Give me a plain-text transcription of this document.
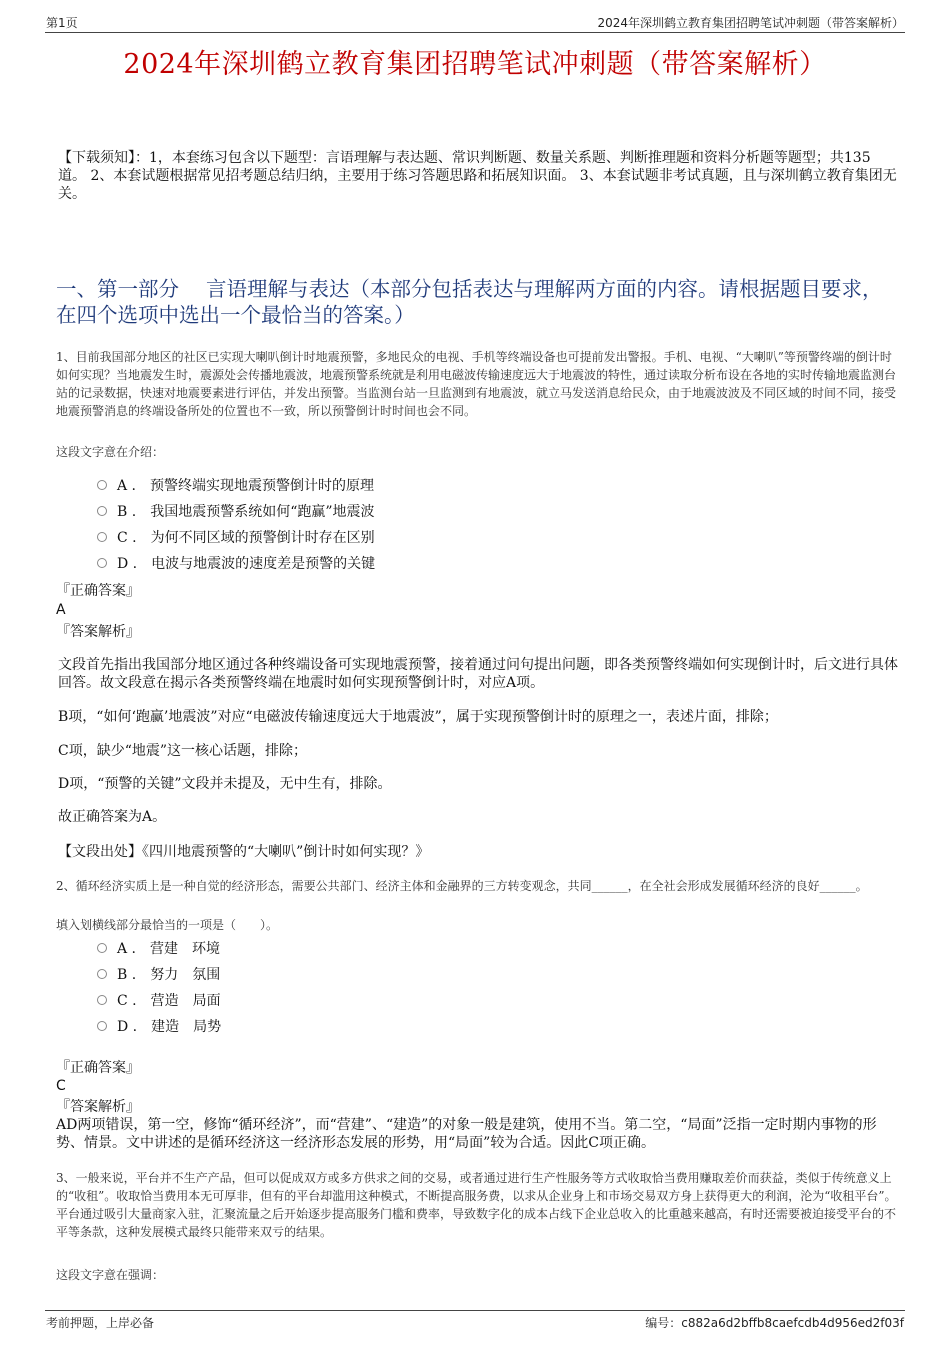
第1页	2024年深圳鹤立教育集团招聘笔试冲刺题（带答案解析）
2024年深圳鹤立教育集团招聘笔试冲刺题（带答案解析）
【下载须知】：1，本套练习包含以下题型：言语理解与表达题、常识判断题、数量关系题、判断推理题和资料分析题等题型；共135道。 2、本套试题根据常见招考题总结归纳，主要用于练习答题思路和拓展知识面。 3、本套试题非考试真题，且与深圳鹤立教育集团无关。
一、第一部分　 言语理解与表达（本部分包括表达与理解两方面的内容。请根据题目要求，在四个选项中选出一个最恰当的答案。）
1、目前我国部分地区的社区已实现大喇叭倒计时地震预警，多地民众的电视、手机等终端设备也可提前发出警报。手机、电视、“大喇叭”等预警终端的倒计时如何实现？当地震发生时，震源处会传播地震波，地震预警系统就是利用电磁波传输速度远大于地震波的特性，通过读取分析布设在各地的实时传输地震监测台站的记录数据，快速对地震要素进行评估，并发出预警。当监测台站一旦监测到有地震波，就立马发送消息给民众，由于地震波波及不同区域的时间不同，接受地震预警消息的终端设备所处的位置也不一致，所以预警倒计时时间也会不同。
这段文字意在介绍：
A .　预警终端实现地震预警倒计时的原理
B .　我国地震预警系统如何“跑赢”地震波
C .　为何不同区域的预警倒计时存在区别
D .　电波与地震波的速度差是预警的关键
『正确答案』
A
『答案解析』
文段首先指出我国部分地区通过各种终端设备可实现地震预警，接着通过问句提出问题，即各类预警终端如何实现倒计时，后文进行具体回答。故文段意在揭示各类预警终端在地震时如何实现预警倒计时，对应A项。
B项，“如何‘跑赢’地震波”对应“电磁波传输速度远大于地震波”，属于实现预警倒计时的原理之一，表述片面，排除；
C项，缺少“地震”这一核心话题，排除；
D项，“预警的关键”文段并未提及，无中生有，排除。
故正确答案为A。
【文段出处】《四川地震预警的“大喇叭”倒计时如何实现？》
2、循环经济实质上是一种自觉的经济形态，需要公共部门、经济主体和金融界的三方转变观念，共同______，在全社会形成发展循环经济的良好______。
填入划横线部分最恰当的一项是（　　）。
A .　营建　环境
B .　努力　氛围
C .　营造　局面
D .　建造　局势
『正确答案』
C
『答案解析』
AD两项错误，第一空，修饰“循环经济”，而“营建”、“建造”的对象一般是建筑，使用不当。第二空，“局面”泛指一定时期内事物的形势、情景。文中讲述的是循环经济这一经济形态发展的形势，用“局面”较为合适。因此C项正确。
3、一般来说，平台并不生产产品，但可以促成双方或多方供求之间的交易，或者通过进行生产性服务等方式收取恰当费用赚取差价而获益，类似于传统意义上的“收租”。收取恰当费用本无可厚非，但有的平台却滥用这种模式，不断提高服务费，以求从企业身上和市场交易双方身上获得更大的利润，沦为“收租平台”。平台通过吸引大量商家入驻，汇聚流量之后开始逐步提高服务门槛和费率，导致数字化的成本占线下企业总收入的比重越来越高，有时还需要被迫接受平台的不平等条款，这种发展模式最终只能带来双亏的结果。
这段文字意在强调：
考前押题，上岸必备	编号：c882a6d2bffb8caefcdb4d956ed2f03f
